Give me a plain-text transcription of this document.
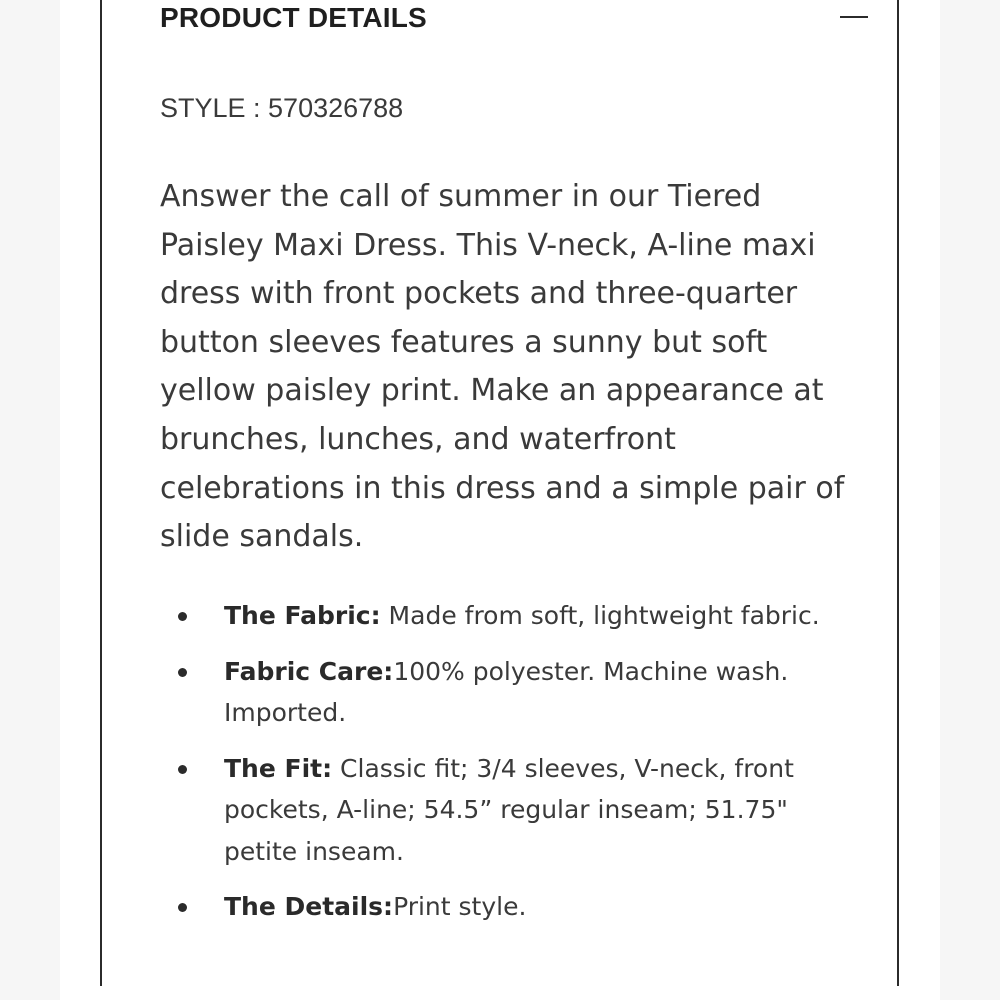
PRODUCT DETAILS
STYLE : 570326788

Answer the call of summer in our Tiered Paisley Maxi Dress. This V-neck, A-line maxi dress with front pockets and three-quarter button sleeves features a sunny but soft yellow paisley print. Make an appearance at brunches, lunches, and waterfront celebrations in this dress and a simple pair of slide sandals.

The Fabric: Made from soft, lightweight fabric.
Fabric Care:100% polyester. Machine wash. Imported.
The Fit: Classic fit; 3/4 sleeves, V-neck, front pockets, A-line; 54.5” regular inseam; 51.75" petite inseam.
The Details:Print style.
